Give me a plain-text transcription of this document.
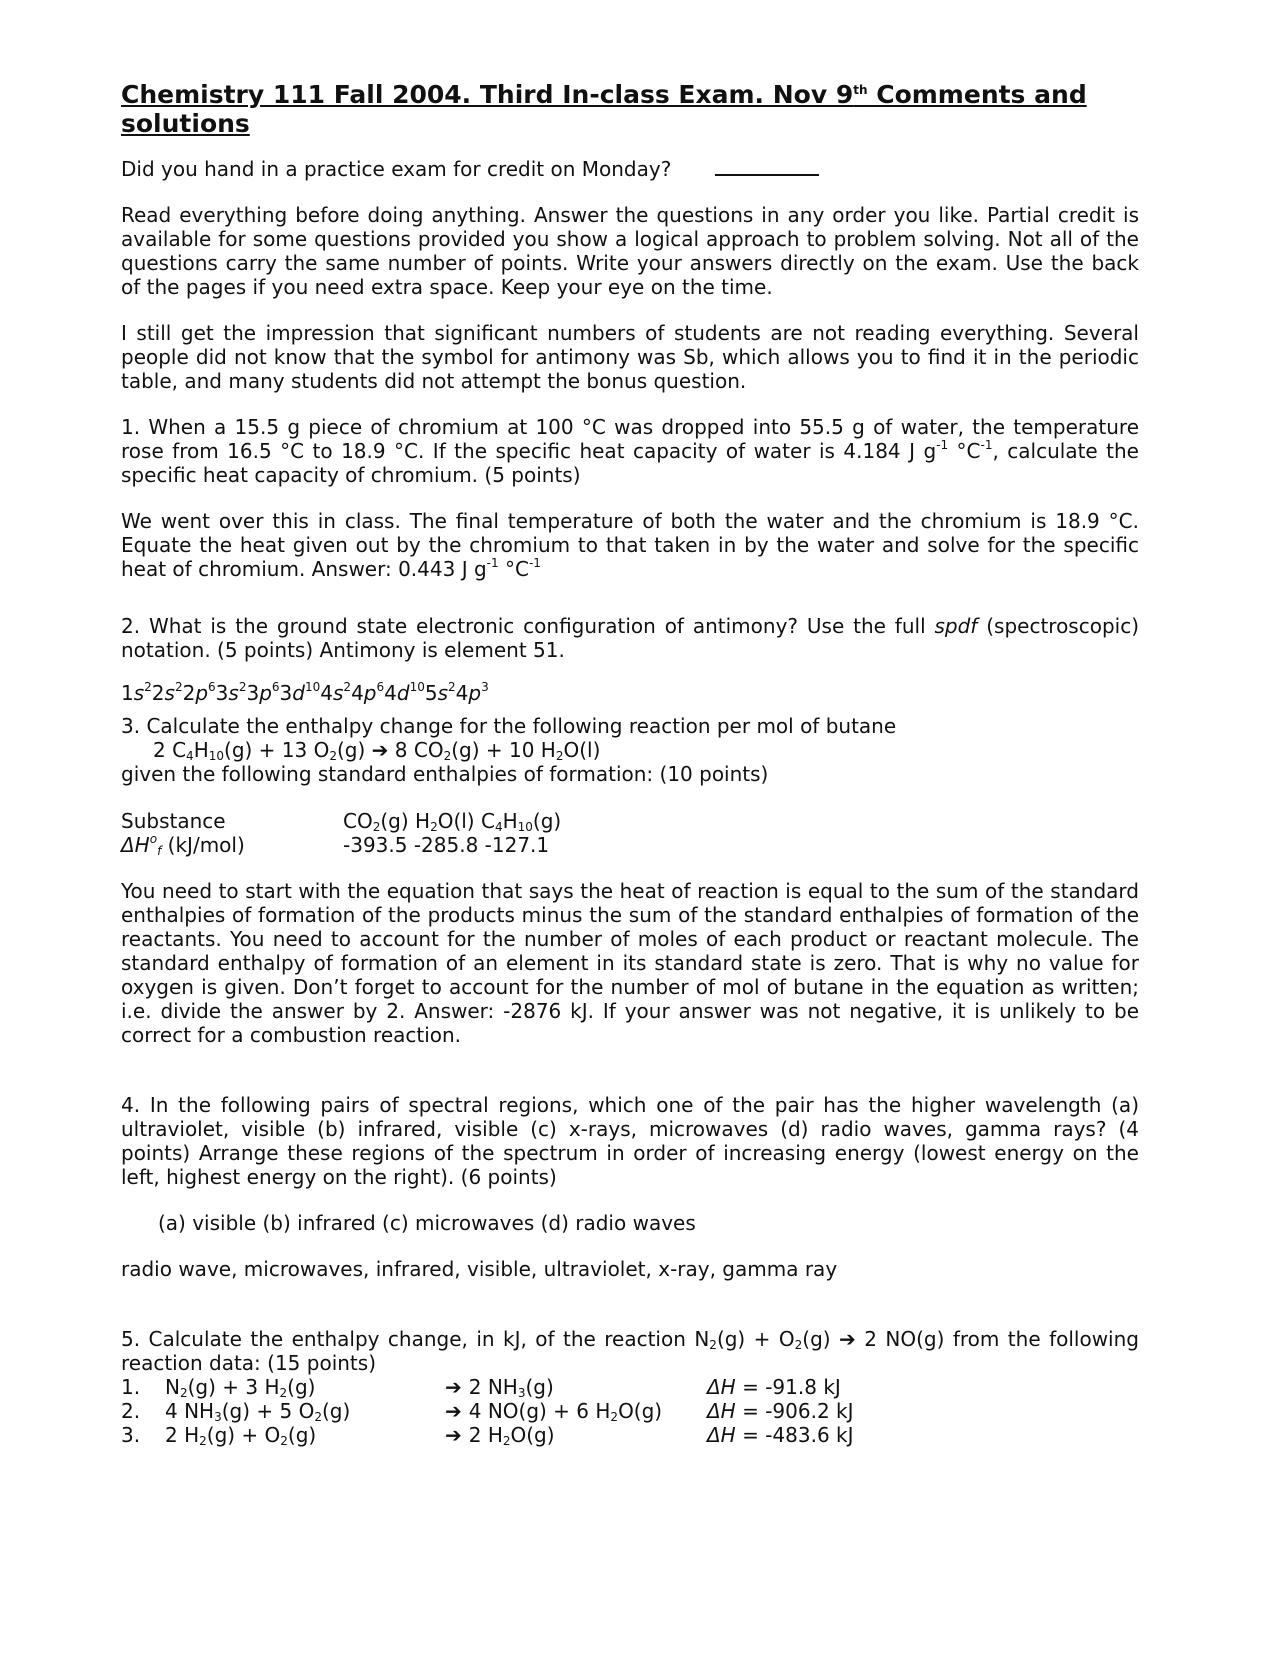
Chemistry 111 Fall 2004. Third In-class Exam. Nov 9th Comments and
solutions

Did you hand in a practice exam for credit on Monday?

Read everything before doing anything. Answer the questions in any order you like. Partial credit is available for some questions provided you show a logical approach to problem solving. Not all of the questions carry the same number of points. Write your answers directly on the exam. Use the back of the pages if you need extra space. Keep your eye on the time.

I still get the impression that significant numbers of students are not reading everything. Several people did not know that the symbol for antimony was Sb, which allows you to find it in the periodic table, and many students did not attempt the bonus question.

1. When a 15.5 g piece of chromium at 100 °C was dropped into 55.5 g of water, the temperature rose from 16.5 °C to 18.9 °C. If the specific heat capacity of water is 4.184 J $g^{-1}$ $^\circ C^{-1}$, calculate the specific heat capacity of chromium. (5 points)

We went over this in class. The final temperature of both the water and the chromium is 18.9 °C. Equate the heat given out by the chromium to that taken in by the water and solve for the specific heat of chromium. Answer: 0.443 J $g^{-1}$ $^\circ C^{-1}$

2. What is the ground state electronic configuration of antimony? Use the full spdf (spectroscopic) notation. (5 points) Antimony is element 51.

$1s^22s^22p^63s^23p^63d^{10}4s^24p^64d^{10}5s^24p^3$

3. Calculate the enthalpy change for the following reaction per mol of butane

2 $C_4H_{10}(g) + 13$ $O_2(g)$ ➔ 8 $CO_2(g) + 10$ $H_2O(l)$

given the following standard enthalpies of formation: (10 points)

Substance	$CO_2(g)$ $H_2O(l)$ $C_4H_{10}(g)$
$\Delta H^o_f$ (kJ/mol)	-393.5 -285.8 -127.1

You need to start with the equation that says the heat of reaction is equal to the sum of the standard enthalpies of formation of the products minus the sum of the standard enthalpies of formation of the reactants. You need to account for the number of moles of each product or reactant molecule. The standard enthalpy of formation of an element in its standard state is zero. That is why no value for oxygen is given. Don’t forget to account for the number of mol of butane in the equation as written; i.e. divide the answer by 2. Answer: -2876 kJ. If your answer was not negative, it is unlikely to be correct for a combustion reaction.

4. In the following pairs of spectral regions, which one of the pair has the higher wavelength (a) ultraviolet, visible (b) infrared, visible (c) x-rays, microwaves (d) radio waves, gamma rays? (4 points) Arrange these regions of the spectrum in order of increasing energy (lowest energy on the left, highest energy on the right). (6 points)

(a) visible (b) infrared (c) microwaves (d) radio waves

radio wave, microwaves, infrared, visible, ultraviolet, x-ray, gamma ray

5. Calculate the enthalpy change, in kJ, of the reaction $N_2(g) + O_2(g)$ ➔ 2 NO(g) from the following reaction data: (15 points)

1.	$N_2(g) + 3$ $H_2(g)$	➔ 2 $NH_3(g)$	ΔH = -91.8 kJ
2.	4 $NH_3(g) + 5$ $O_2(g)$	➔ 4 NO(g) + 6 $H_2O(g)$	ΔH = -906.2 kJ
3.	2 $H_2(g) + O_2(g)$	➔ 2 $H_2O(g)$	ΔH = -483.6 kJ
